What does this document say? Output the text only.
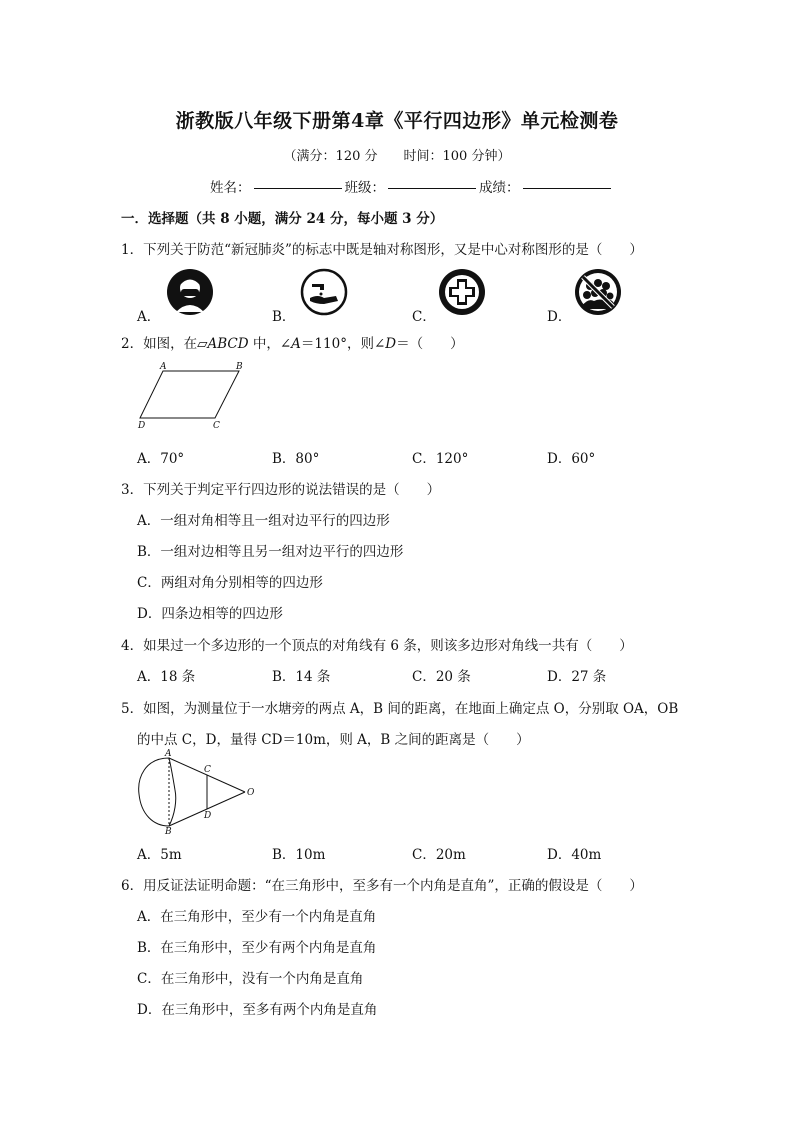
浙教版八年级下册第4章《平行四边形》单元检测卷
（满分：120 分　　时间：100 分钟）
姓名：	班级：	成绩：
一．选择题（共 8 小题，满分 24 分，每小题 3 分）
1．下列关于防范“新冠肺炎”的标志中既是轴对称图形，又是中心对称图形的是（　　）
A．	B．	C．	D．
2．如图，在▱ABCD 中，∠A＝110°，则∠D＝（　　）
A	B
C
D
A．70°	B．80°	C．120°	D．60°
3．下列关于判定平行四边形的说法错误的是（　　）
A．一组对角相等且一组对边平行的四边形
B．一组对边相等且另一组对边平行的四边形
C．两组对角分别相等的四边形
D．四条边相等的四边形
4．如果过一个多边形的一个顶点的对角线有 6 条，则该多边形对角线一共有（　　）
A．18 条	B．14 条	C．20 条	D．27 条
5．如图，为测量位于一水塘旁的两点 A，B 间的距离，在地面上确定点 O，分别取 OA，OB
的中点 C，D，量得 CD＝10m，则 A，B 之间的距离是（　　）
A
C
O
D
B
A．5m	B．10m	C．20m	D．40m
6．用反证法证明命题：“在三角形中，至多有一个内角是直角”，正确的假设是（　　）
A．在三角形中，至少有一个内角是直角
B．在三角形中，至少有两个内角是直角
C．在三角形中，没有一个内角是直角
D．在三角形中，至多有两个内角是直角
